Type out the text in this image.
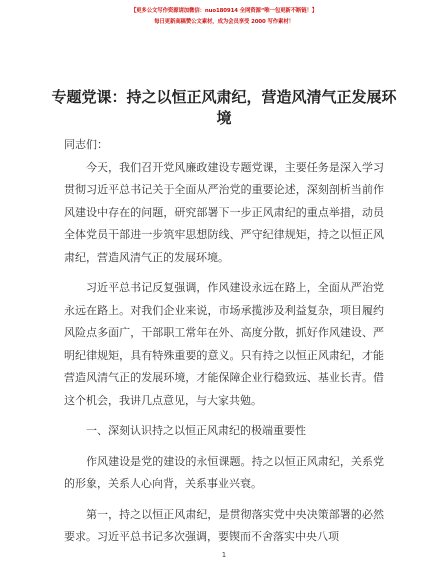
【更多公文写作资源请加微信：nuo180914 全网资源“唯一包更新不断链！】
每日更新高稿赞公文素材，成为会员享受 2000 写作素材！
专题党课：持之以恒正风肃纪，营造风清气正发展环境

同志们：

今天，我们召开党风廉政建设专题党课，主要任务是深入学习贯彻习近平总书记关于全面从严治党的重要论述，深刻剖析当前作风建设中存在的问题，研究部署下一步正风肃纪的重点举措，动员全体党员干部进一步筑牢思想防线、严守纪律规矩，持之以恒正风肃纪，营造风清气正的发展环境。

习近平总书记反复强调，作风建设永远在路上，全面从严治党永远在路上。对我们企业来说，市场承揽涉及利益复杂，项目履约风险点多面广，干部职工常年在外、高度分散，抓好作风建设、严明纪律规矩，具有特殊重要的意义。只有持之以恒正风肃纪，才能营造风清气正的发展环境，才能保障企业行稳致远、基业长青。借这个机会，我讲几点意见，与大家共勉。

一、深刻认识持之以恒正风肃纪的极端重要性

作风建设是党的建设的永恒课题。持之以恒正风肃纪，关系党的形象，关系人心向背，关系事业兴衰。

第一，持之以恒正风肃纪，是贯彻落实党中央决策部署的必然要求。习近平总书记多次强调，要锲而不舍落实中央八项

1
